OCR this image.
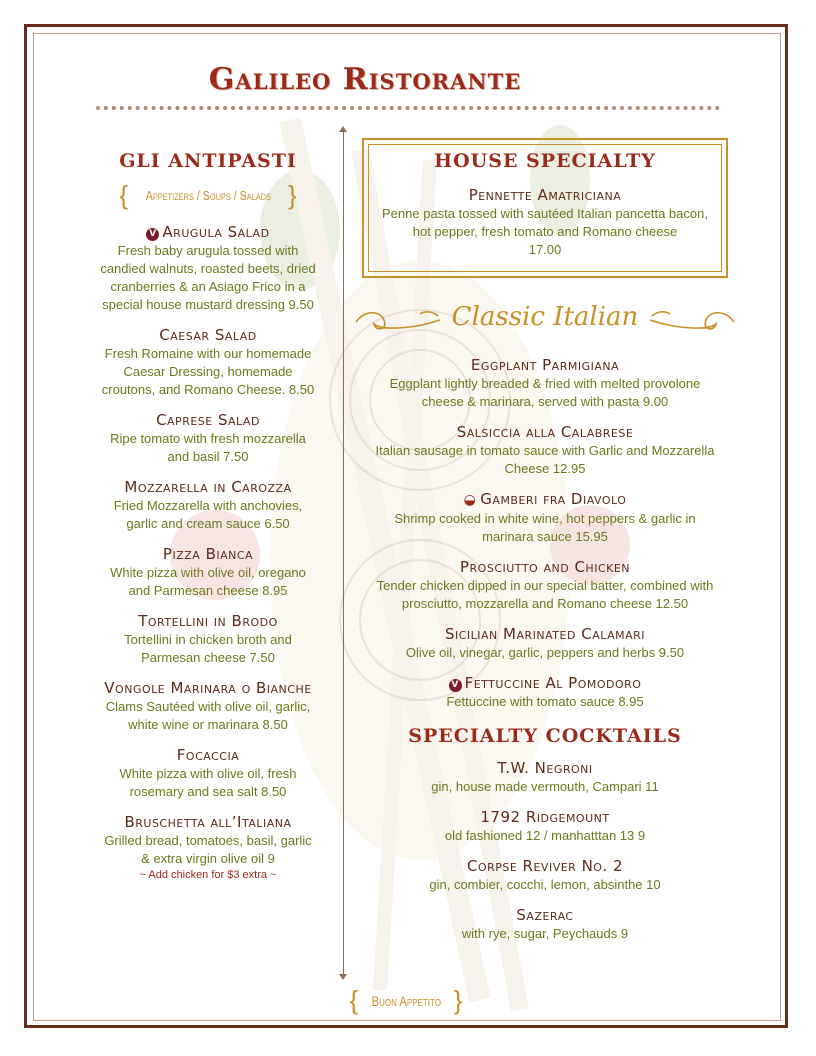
Galileo Ristorante
GLI ANTIPASTI
{ Appetizers / Soups / Salads }
V Arugula Salad
Fresh baby arugula tossed with candied walnuts, roasted beets, dried cranberries & an Asiago Frico in a special house mustard dressing 9.50
Caesar Salad
Fresh Romaine with our homemade Caesar Dressing, homemade croutons, and Romano Cheese. 8.50
Caprese Salad
Ripe tomato with fresh mozzarella and basil 7.50
Mozzarella in Carozza
Fried Mozzarella with anchovies, garlic and cream sauce 6.50
Pizza Bianca
White pizza with olive oil, oregano and Parmesan cheese 8.95
Tortellini in Brodo
Tortellini in chicken broth and Parmesan cheese 7.50
Vongole Marinara o Bianche
Clams Sautéed with olive oil, garlic, white wine or marinara 8.50
Focaccia
White pizza with olive oil, fresh rosemary and sea salt 8.50
Bruschetta all’Italiana
Grilled bread, tomatoes, basil, garlic & extra virgin olive oil 9
~ Add chicken for $3 extra ~
HOUSE SPECIALTY
Pennette Amatriciana
Penne pasta tossed with sautéed Italian pancetta bacon, hot pepper, fresh tomato and Romano cheese
17.00
Classic Italian
Eggplant Parmigiana
Eggplant lightly breaded & fried with melted provolone cheese & marinara, served with pasta 9.00
Salsiccia alla Calabrese
Italian sausage in tomato sauce with Garlic and Mozzarella Cheese 12.95
◒ Gamberi fra Diavolo
Shrimp cooked in white wine, hot peppers & garlic in marinara sauce 15.95
Prosciutto and Chicken
Tender chicken dipped in our special batter, combined with prosciutto, mozzarella and Romano cheese 12.50
Sicilian Marinated Calamari
Olive oil, vinegar, garlic, peppers and herbs 9.50
V Fettuccine Al Pomodoro
Fettuccine with tomato sauce 8.95
SPECIALTY COCKTAILS
T.W. Negroni
gin, house made vermouth, Campari 11
1792 Ridgemount
old fashioned 12 / manhatttan 13 9
Corpse Reviver No. 2
gin, combier, cocchi, lemon, absinthe 10
Sazerac
with rye, sugar, Peychauds 9
{ Buon Appetito }
